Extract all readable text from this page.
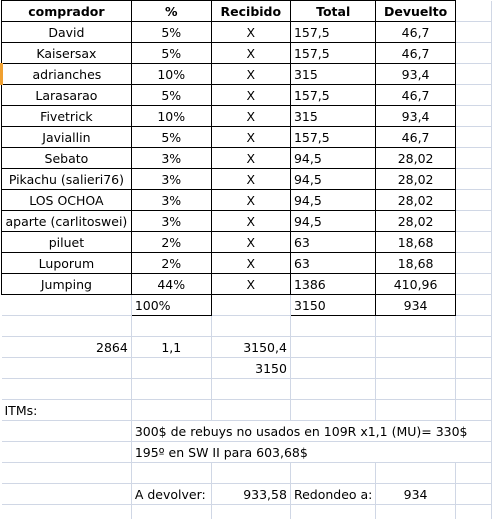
comprador	%	Recibido	Total	Devuelto	
David	5%	X	157,5	46,7	
Kaisersax	5%	X	157,5	46,7	
adrianches	10%	X	315	93,4	
Larasarao	5%	X	157,5	46,7	
Fivetrick	10%	X	315	93,4	
Javiallin	5%	X	157,5	46,7	
Sebato	3%	X	94,5	28,02	
Pikachu (salieri76)	3%	X	94,5	28,02	
LOS OCHOA	3%	X	94,5	28,02	
aparte (carlitoswei)	3%	X	94,5	28,02	
piluet	2%	X	63	18,68	
Luporum	2%	X	63	18,68	
Jumping	44%	X	1386	410,96	
	100%		3150	934	

2864	1,1	3150,4			
		3150			

ITMs:					
	300$ de rebuys no usados en 109R x1,1 (MU)= 330$				
	195º en SW II para 603,68$				

	A devolver:	933,58	Redondeo a:	934	
